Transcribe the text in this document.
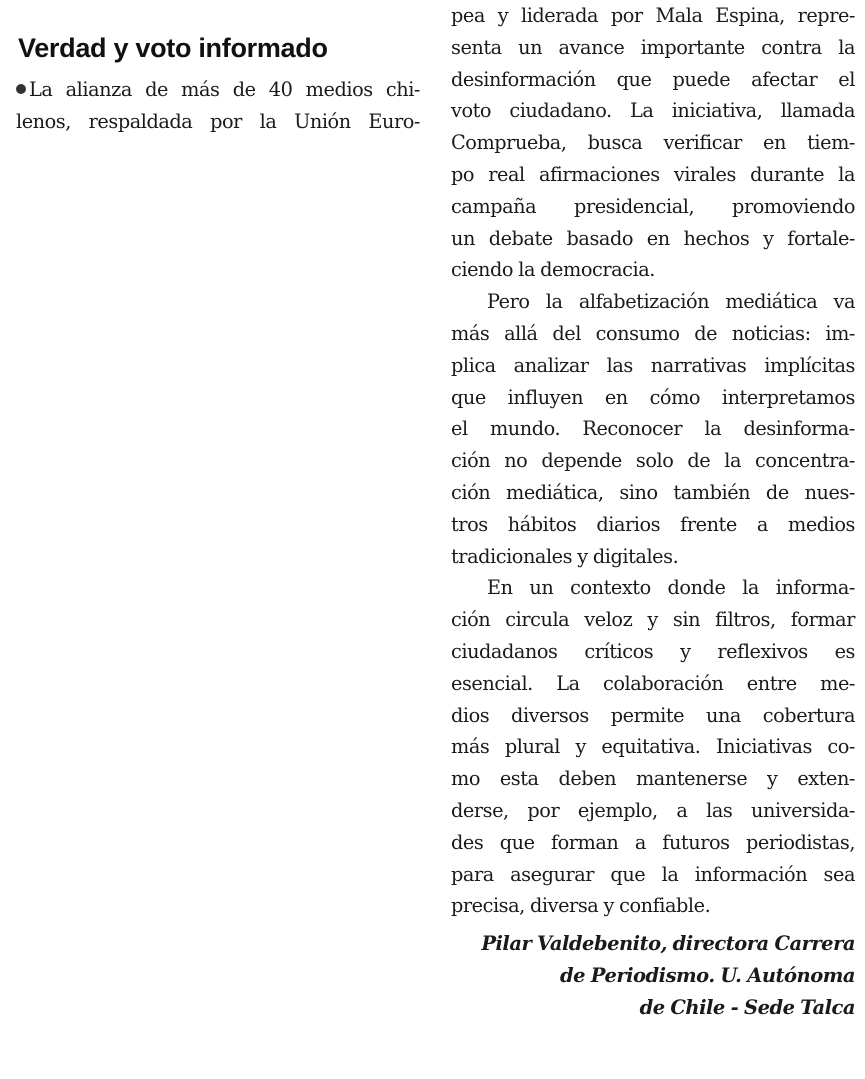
Verdad y voto informado
La alianza de más de 40 medios chi-
lenos, respaldada por la Unión Euro-
pea y liderada por Mala Espina, repre-
senta un avance importante contra la
desinformación que puede afectar el
voto ciudadano. La iniciativa, llamada
Comprueba, busca verificar en tiem-
po real afirmaciones virales durante la
campaña presidencial, promoviendo
un debate basado en hechos y fortale-
ciendo la democracia.
Pero la alfabetización mediática va
más allá del consumo de noticias: im-
plica analizar las narrativas implícitas
que influyen en cómo interpretamos
el mundo. Reconocer la desinforma-
ción no depende solo de la concentra-
ción mediática, sino también de nues-
tros hábitos diarios frente a medios
tradicionales y digitales.
En un contexto donde la informa-
ción circula veloz y sin filtros, formar
ciudadanos críticos y reflexivos es
esencial. La colaboración entre me-
dios diversos permite una cobertura
más plural y equitativa. Iniciativas co-
mo esta deben mantenerse y exten-
derse, por ejemplo, a las universida-
des que forman a futuros periodistas,
para asegurar que la información sea
precisa, diversa y confiable.
Pilar Valdebenito, directora Carrera
de Periodismo. U. Autónoma
de Chile - Sede Talca
